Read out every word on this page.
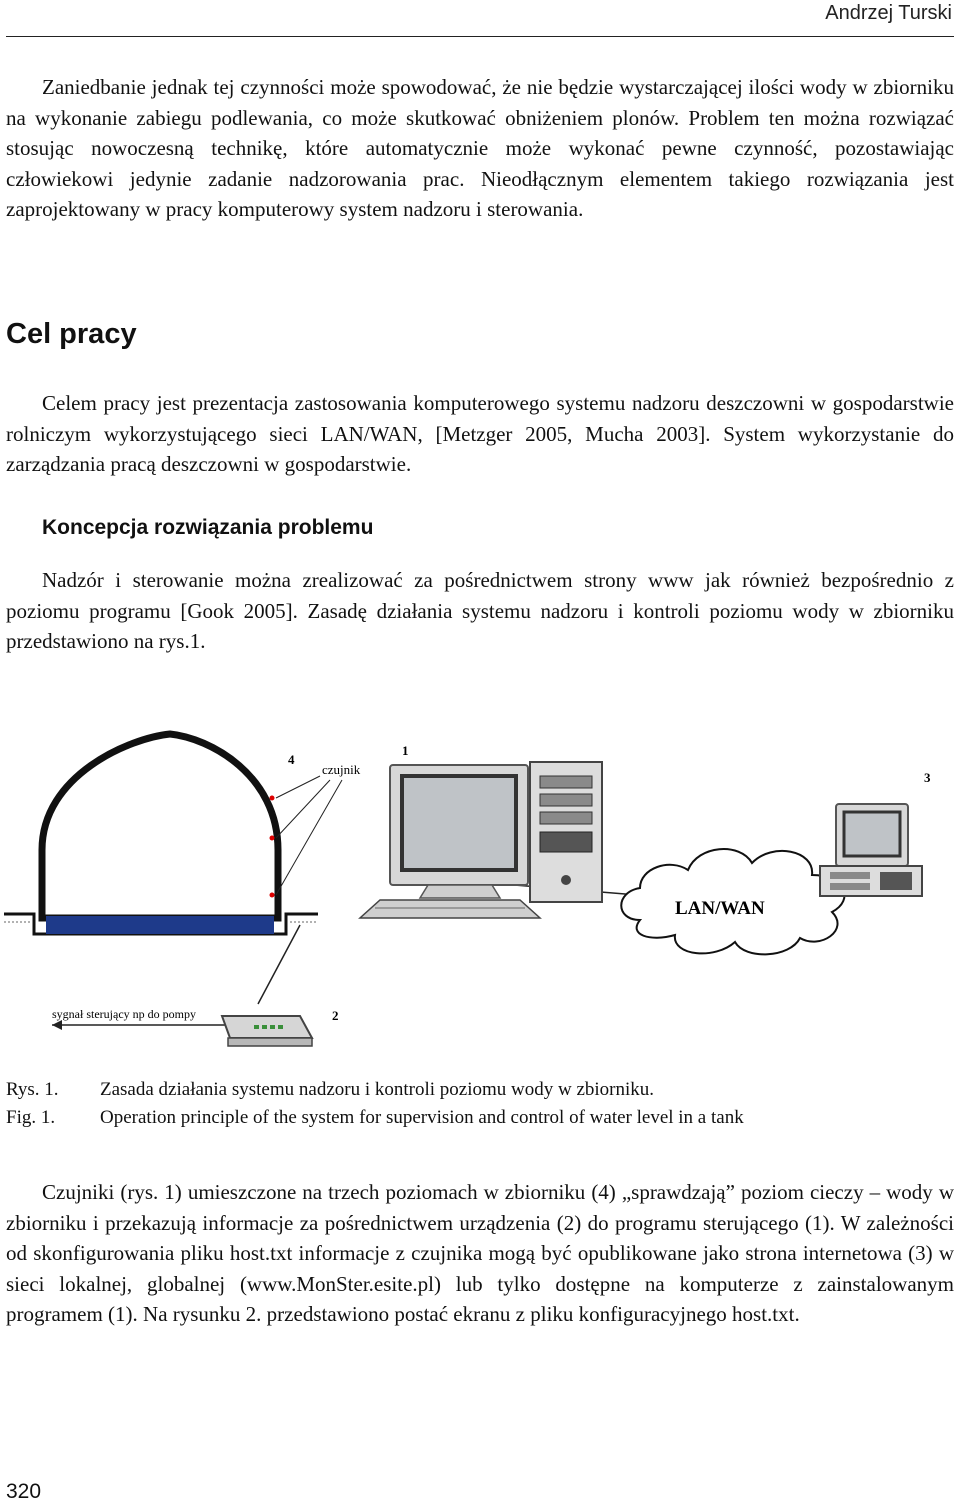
Andrzej Turski

Zaniedbanie jednak tej czynności może spowodować, że nie będzie wystarczającej ilości wody w zbiorniku na wykonanie zabiegu podlewania, co może skutkować obniżeniem plonów. Problem ten można rozwiązać stosując nowoczesną technikę, które automatycznie może wykonać pewne czynność, pozostawiając człowiekowi jedynie zadanie nadzorowania prac. Nieodłącznym elementem takiego rozwiązania jest zaprojektowany w pracy komputerowy system nadzoru i sterowania.

Cel pracy

Celem pracy jest prezentacja zastosowania komputerowego systemu nadzoru deszczowni w gospodarstwie rolniczym wykorzystującego sieci LAN/WAN, [Metzger 2005, Mucha 2003]. System wykorzystanie do zarządzania pracą deszczowni w gospodarstwie.

Koncepcja rozwiązania problemu

Nadzór i sterowanie można zrealizować za pośrednictwem strony www jak również bezpośrednio z poziomu programu [Gook 2005]. Zasadę działania systemu nadzoru i kontroli poziomu wody w zbiorniku przedstawiono na rys.1.

4
czujnik
1
LAN/WAN
3
sygnał sterujący np do pompy	2
Rys. 1. Zasada działania systemu nadzoru i kontroli poziomu wody w zbiorniku.
Fig. 1. Operation principle of the system for supervision and control of water level in a tank

Czujniki (rys. 1) umieszczone na trzech poziomach w zbiorniku (4) „sprawdzają” poziom cieczy – wody w zbiorniku i przekazują informacje za pośrednictwem urządzenia (2) do programu sterującego (1). W zależności od skonfigurowania pliku host.txt informacje z czujnika mogą być opublikowane jako strona internetowa (3) w sieci lokalnej, globalnej (www.MonSter.esite.pl) lub tylko dostępne na komputerze z zainstalowanym programem (1). Na rysunku 2. przedstawiono postać ekranu z pliku konfiguracyjnego host.txt.

320
